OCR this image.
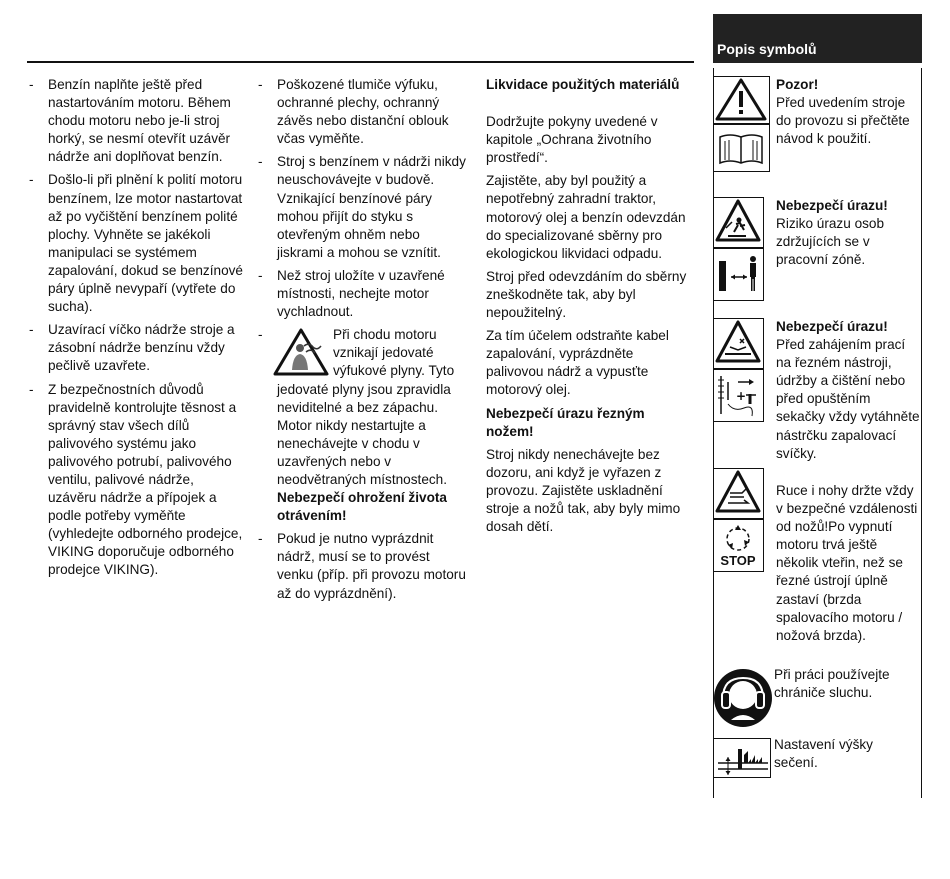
- Benzín naplňte ještě před nastartováním motoru. Během chodu motoru nebo je-li stroj horký, se nesmí otevřít uzávěr nádrže ani doplňovat benzín.
- Došlo-li při plnění k polití motoru benzínem, lze motor nastartovat až po vyčištění benzínem polité plochy. Vyhněte se jakékoli manipulaci se systémem zapalování, dokud se benzínové páry úplně nevypaří (vytřete do sucha).
- Uzavírací víčko nádrže stroje a zásobní nádrže benzínu vždy pečlivě uzavřete.
- Z bezpečnostních důvodů pravidelně kontrolujte těsnost a správný stav všech dílů palivového systému jako palivového potrubí, palivového ventilu, palivové nádrže, uzávěru nádrže a přípojek a podle potřeby vyměňte (vyhledejte odborného prodejce, VIKING doporučuje odborného prodejce VIKING).
- Poškozené tlumiče výfuku, ochranné plechy, ochranný závěs nebo distanční oblouk včas vyměňte.
- Stroj s benzínem v nádrži nikdy neuschovávejte v budově. Vznikající benzínové páry mohou přijít do styku s otevřeným ohněm nebo jiskrami a mohou se vznítit.
- Než stroj uložíte v uzavřené místnosti, nechejte motor vychladnout.
- Při chodu motoru vznikají jedovaté výfukové plyny. Tyto jedovaté plyny jsou zpravidla neviditelné a bez zápachu. Motor nikdy nestartujte a nenechávejte v chodu v uzavřených nebo v neodvětraných místnostech.
Nebezpečí ohrožení života otrávením!
- Pokud je nutno vyprázdnit nádrž, musí se to provést venku (příp. při provozu motoru až do vyprázdnění).

Likvidace použitých materiálů

Dodržujte pokyny uvedené v kapitole „Ochrana životního prostředí“.

Zajistěte, aby byl použitý a nepotřebný zahradní traktor, motorový olej a benzín odevzdán do specializované sběrny pro ekologickou likvidaci odpadu.

Stroj před odevzdáním do sběrny zneškodněte tak, aby byl nepoužitelný.

Za tím účelem odstraňte kabel zapalování, vyprázdněte palivovou nádrž a vypusťte motorový olej.

Nebezpečí úrazu řezným nožem!

Stroj nikdy nenechávejte bez dozoru, ani když je vyřazen z provozu. Zajistěte uskladnění stroje a nožů tak, aby byly mimo dosah dětí.

Popis symbolů
Pozor!
Před uvedením stroje do provozu si přečtěte návod k použití.
Nebezpečí úrazu!
Riziko úrazu osob zdržujících se v pracovní zóně.
+
Nebezpečí úrazu!
Před zahájením prací na řezném nástroji, údržby a čištění nebo před opuštěním sekačky vždy vytáhněte nástrčku zapalovací svíčky.
STOP
Ruce i nohy držte vždy v bezpečné vzdálenosti od nožů!Po vypnutí motoru trvá ještě několik vteřin, než se řezné ústrojí úplně zastaví (brzda spalovacího motoru / nožová brzda).
Při práci používejte chrániče sluchu.
Nastavení výšky sečení.
